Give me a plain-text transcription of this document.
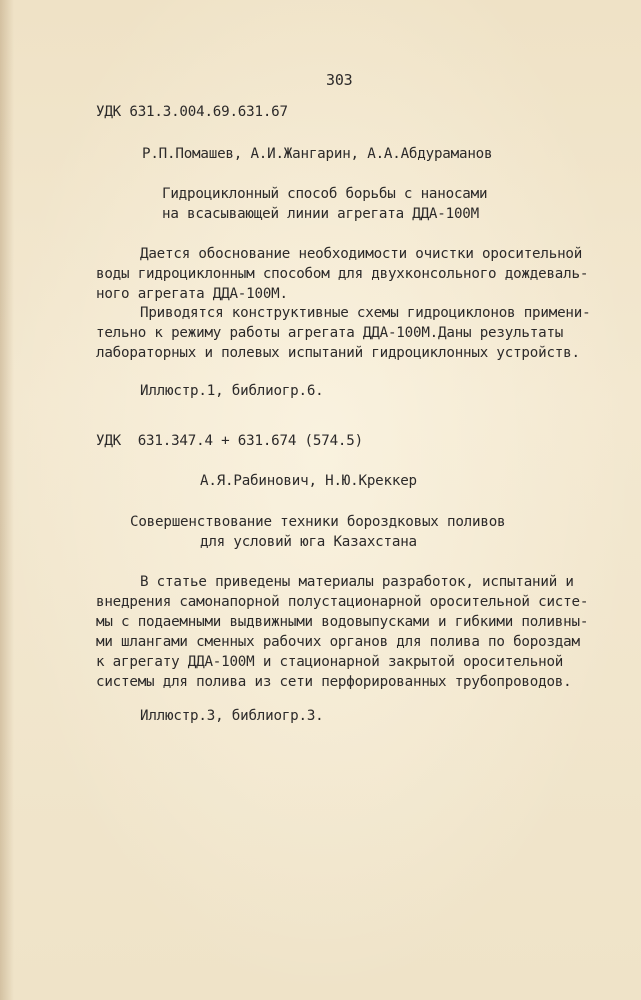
303
УДК 631.3.004.69.631.67
Р.П.Помашев, А.И.Жангарин, А.А.Абдураманов
Гидроциклонный способ борьбы с наносами
на всасывающей линии агрегата ДДА-100М
Дается обоснование необходимости очистки оросительной
воды гидроциклонным способом для двухконсольного дождеваль-
ного агрегата ДДА-100М.
Приводятся конструктивные схемы гидроциклонов примени-
тельно к режиму работы агрегата ДДА-100М.Даны результаты
лабораторных и полевых испытаний гидроциклонных устройств.
Иллюстр.1, библиогр.6.
УДК  631.347.4 + 631.674 (574.5)
А.Я.Рабинович, Н.Ю.Креккер
Совершенствование техники бороздковых поливов
для условий юга Казахстана
В статье приведены материалы разработок, испытаний и
внедрения самонапорной полустационарной оросительной систе-
мы с подаемными выдвижными водовыпусками и гибкими поливны-
ми шлангами сменных рабочих органов для полива по бороздам
к агрегату ДДА-100М и стационарной закрытой оросительной
системы для полива из сети перфорированных трубопроводов.
Иллюстр.3, библиогр.3.
